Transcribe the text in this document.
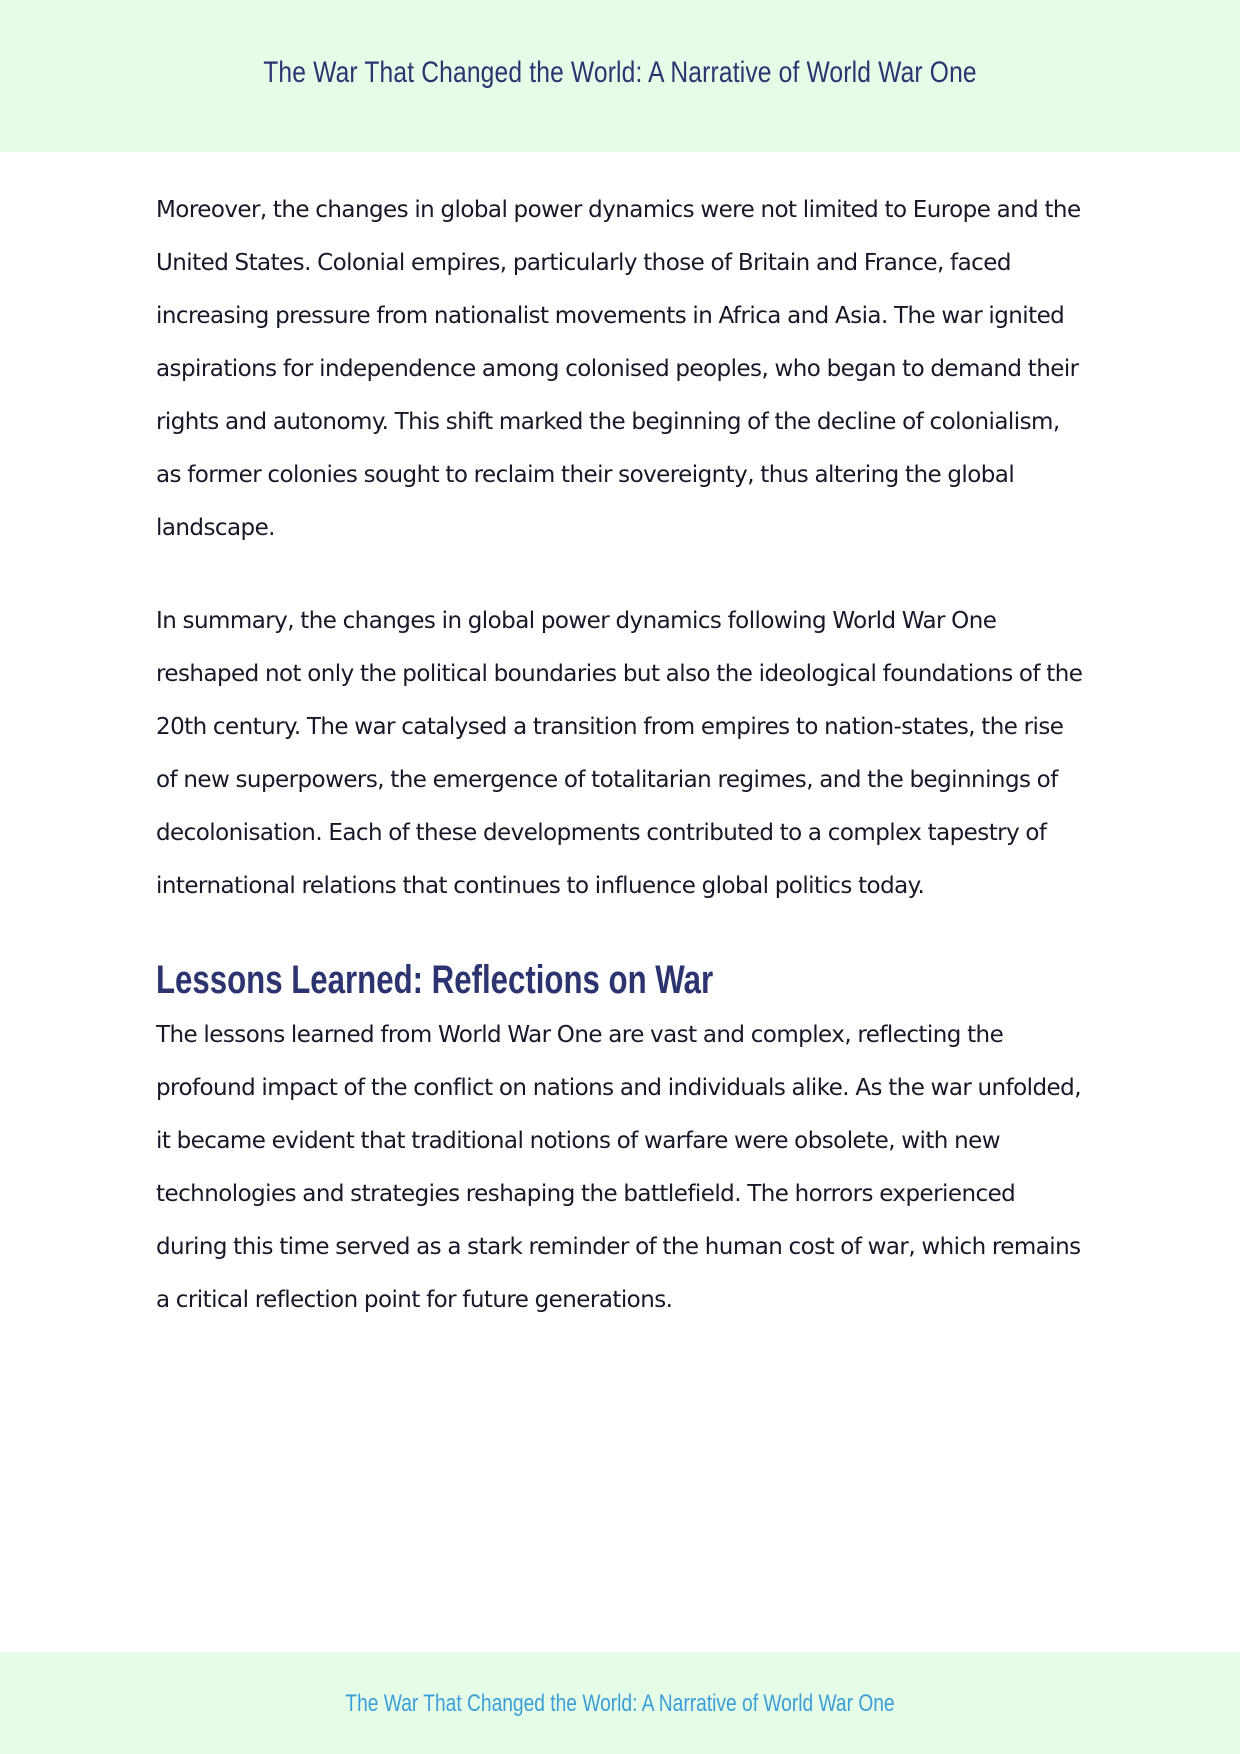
The War That Changed the World: A Narrative of World War One

Moreover, the changes in global power dynamics were not limited to Europe and the United States. Colonial empires, particularly those of Britain and France, faced increasing pressure from nationalist movements in Africa and Asia. The war ignited aspirations for independence among colonised peoples, who began to demand their rights and autonomy. This shift marked the beginning of the decline of colonialism, as former colonies sought to reclaim their sovereignty, thus altering the global landscape.

In summary, the changes in global power dynamics following World War One reshaped not only the political boundaries but also the ideological foundations of the 20th century. The war catalysed a transition from empires to nation-states, the rise of new superpowers, the emergence of totalitarian regimes, and the beginnings of decolonisation. Each of these developments contributed to a complex tapestry of international relations that continues to influence global politics today.

Lessons Learned: Reflections on War

The lessons learned from World War One are vast and complex, reflecting the profound impact of the conflict on nations and individuals alike. As the war unfolded, it became evident that traditional notions of warfare were obsolete, with new technologies and strategies reshaping the battlefield. The horrors experienced during this time served as a stark reminder of the human cost of war, which remains a critical reflection point for future generations.

The War That Changed the World: A Narrative of World War One
